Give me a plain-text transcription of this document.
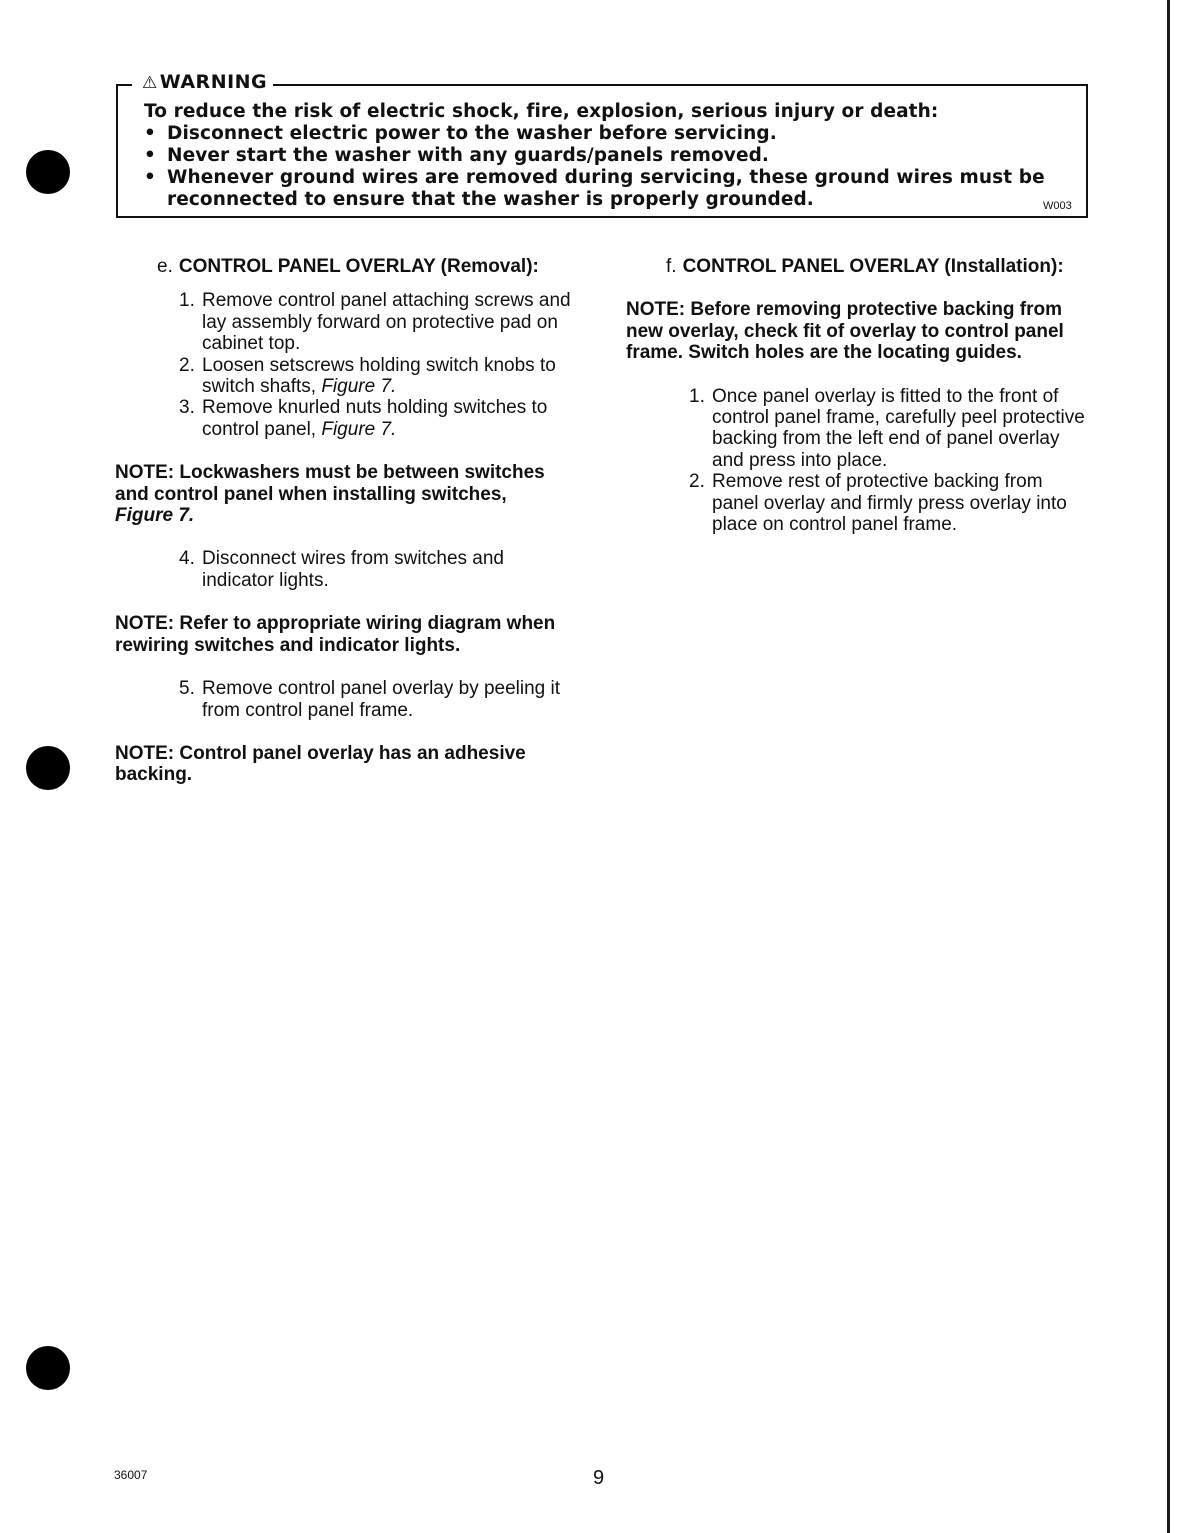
⚠ WARNING
To reduce the risk of electric shock, fire, explosion, serious injury or death:
• Disconnect electric power to the washer before servicing.
• Never start the washer with any guards/panels removed.
• Whenever ground wires are removed during servicing, these ground wires must be reconnected to ensure that the washer is properly grounded.	W003
e. CONTROL PANEL OVERLAY (Removal):
1. Remove control panel attaching screws and lay assembly forward on protective pad on cabinet top.
2. Loosen setscrews holding switch knobs to switch shafts, Figure 7.
3. Remove knurled nuts holding switches to control panel, Figure 7.
NOTE: Lockwashers must be between switches and control panel when installing switches,
Figure 7.
4. Disconnect wires from switches and indicator lights.
NOTE: Refer to appropriate wiring diagram when rewiring switches and indicator lights.
5. Remove control panel overlay by peeling it from control panel frame.
NOTE: Control panel overlay has an adhesive backing.
f. CONTROL PANEL OVERLAY (Installation):
NOTE: Before removing protective backing from new overlay, check fit of overlay to control panel frame. Switch holes are the locating guides.
1. Once panel overlay is fitted to the front of control panel frame, carefully peel protective backing from the left end of panel overlay and press into place.
2. Remove rest of protective backing from panel overlay and firmly press overlay into place on control panel frame.
36007	9
